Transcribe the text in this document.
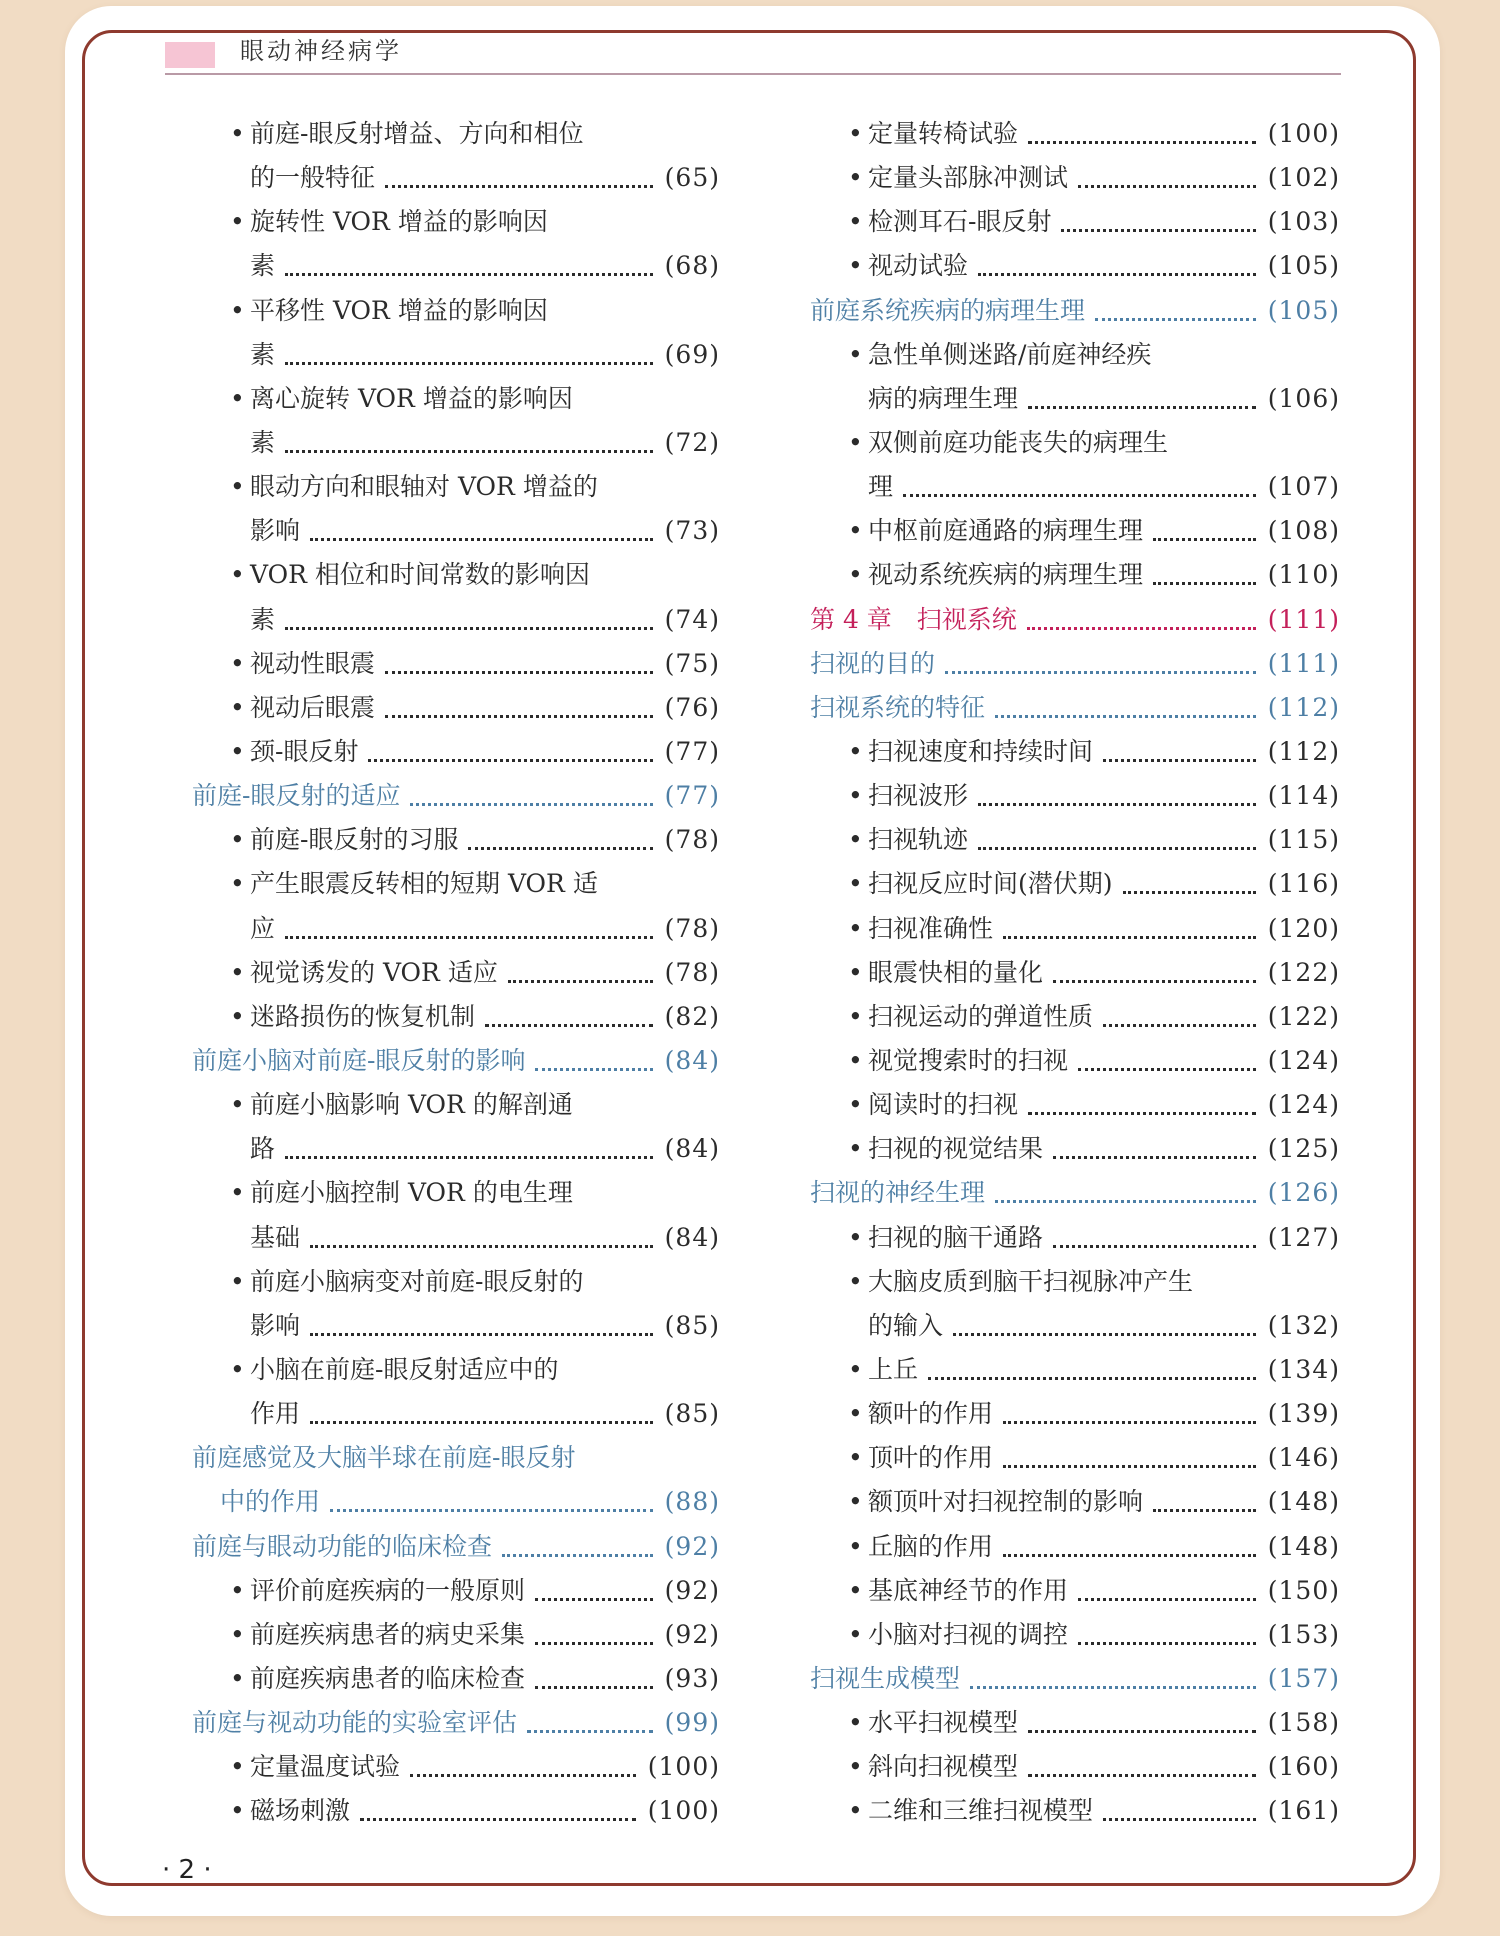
眼动神经病学
• 前庭-眼反射增益、方向和相位
的一般特征	(65)
• 旋转性 VOR 增益的影响因
素	(68)
• 平移性 VOR 增益的影响因
素	(69)
• 离心旋转 VOR 增益的影响因
素	(72)
• 眼动方向和眼轴对 VOR 增益的
影响	(73)
• VOR 相位和时间常数的影响因
素	(74)
• 视动性眼震	(75)
• 视动后眼震	(76)
• 颈-眼反射	(77)
前庭-眼反射的适应	(77)
• 前庭-眼反射的习服	(78)
• 产生眼震反转相的短期 VOR 适
应	(78)
• 视觉诱发的 VOR 适应	(78)
• 迷路损伤的恢复机制	(82)
前庭小脑对前庭-眼反射的影响	(84)
• 前庭小脑影响 VOR 的解剖通
路	(84)
• 前庭小脑控制 VOR 的电生理
基础	(84)
• 前庭小脑病变对前庭-眼反射的
影响	(85)
• 小脑在前庭-眼反射适应中的
作用	(85)
前庭感觉及大脑半球在前庭-眼反射
中的作用	(88)
前庭与眼动功能的临床检查	(92)
• 评价前庭疾病的一般原则	(92)
• 前庭疾病患者的病史采集	(92)
• 前庭疾病患者的临床检查	(93)
前庭与视动功能的实验室评估	(99)
• 定量温度试验	(100)
• 磁场刺激	(100)
• 定量转椅试验	(100)
• 定量头部脉冲测试	(102)
• 检测耳石-眼反射	(103)
• 视动试验	(105)
前庭系统疾病的病理生理	(105)
• 急性单侧迷路/前庭神经疾
病的病理生理	(106)
• 双侧前庭功能丧失的病理生
理	(107)
• 中枢前庭通路的病理生理	(108)
• 视动系统疾病的病理生理	(110)
第 4 章　扫视系统	(111)
扫视的目的	(111)
扫视系统的特征	(112)
• 扫视速度和持续时间	(112)
• 扫视波形	(114)
• 扫视轨迹	(115)
• 扫视反应时间(潜伏期)	(116)
• 扫视准确性	(120)
• 眼震快相的量化	(122)
• 扫视运动的弹道性质	(122)
• 视觉搜索时的扫视	(124)
• 阅读时的扫视	(124)
• 扫视的视觉结果	(125)
扫视的神经生理	(126)
• 扫视的脑干通路	(127)
• 大脑皮质到脑干扫视脉冲产生
的输入	(132)
• 上丘	(134)
• 额叶的作用	(139)
• 顶叶的作用	(146)
• 额顶叶对扫视控制的影响	(148)
• 丘脑的作用	(148)
• 基底神经节的作用	(150)
• 小脑对扫视的调控	(153)
扫视生成模型	(157)
• 水平扫视模型	(158)
• 斜向扫视模型	(160)
• 二维和三维扫视模型	(161)
· 2 ·
